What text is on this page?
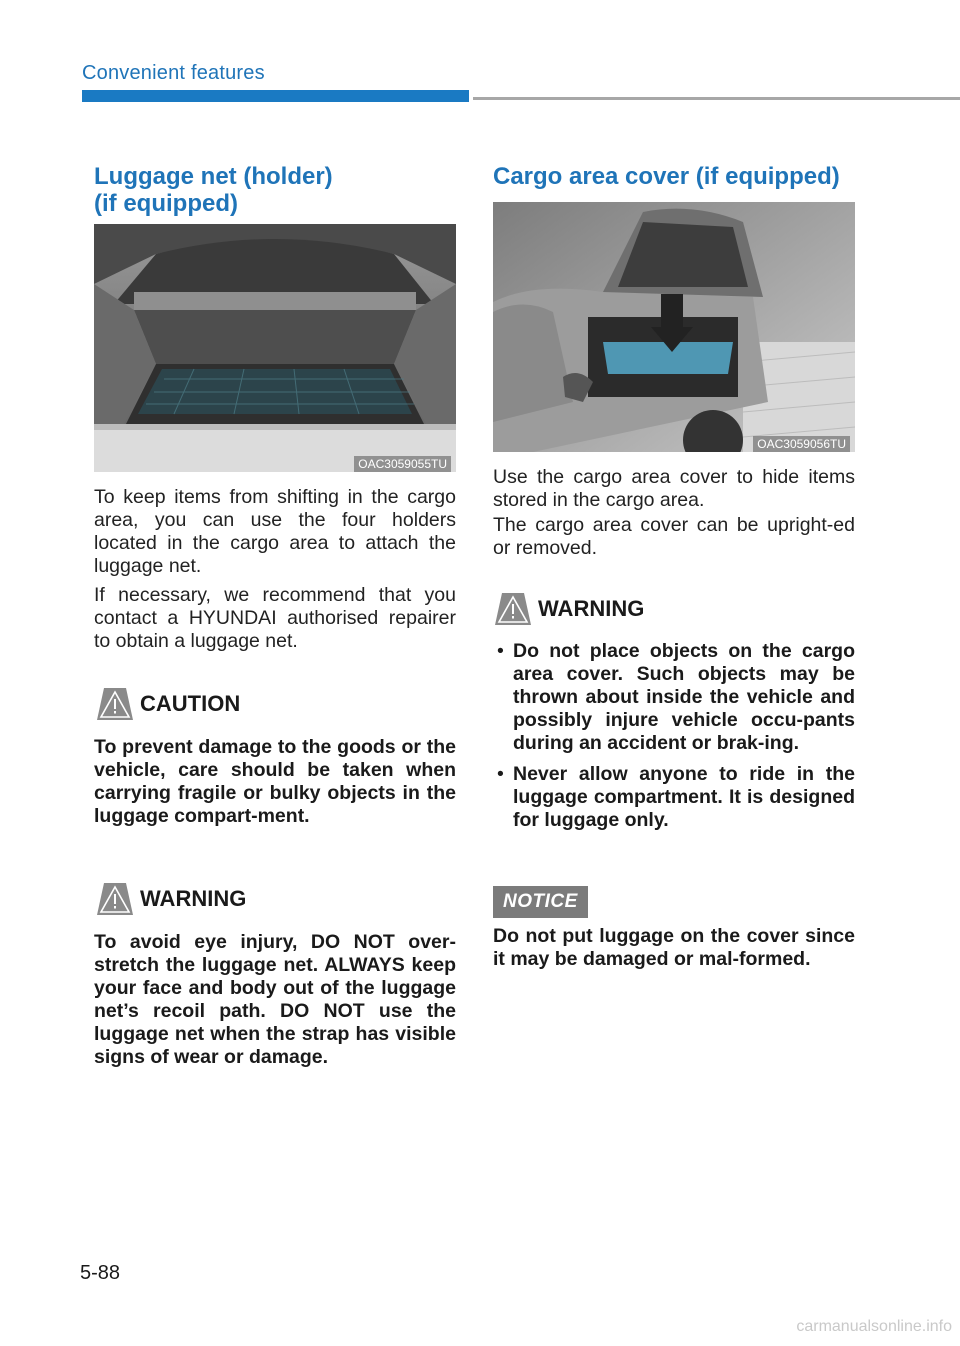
Convenient features
Luggage net (holder)
(if equipped)
OAC3059055TU

To keep items from shifting in the cargo area, you can use the four holders located in the cargo area to attach the luggage net.

If necessary, we recommend that you contact a HYUNDAI authorised repairer to obtain a luggage net.

CAUTION

To prevent damage to the goods or the vehicle, care should be taken when carrying fragile or bulky objects in the luggage compart-ment.

WARNING

To avoid eye injury, DO NOT over-stretch the luggage net. ALWAYS keep your face and body out of the luggage net’s recoil path. DO NOT use the luggage net when the strap has visible signs of wear or damage.

Cargo area cover (if equipped)
OAC3059056TU

Use the cargo area cover to hide items stored in the cargo area.

The cargo area cover can be upright-ed or removed.

WARNING
• Do not place objects on the cargo area cover. Such objects may be thrown about inside the vehicle and possibly injure vehicle occu-pants during an accident or brak-ing.
• Never allow anyone to ride in the luggage compartment. It is designed for luggage only.
NOTICE

Do not put luggage on the cover since it may be damaged or mal-formed.

5-88
carmanualsonline.info
